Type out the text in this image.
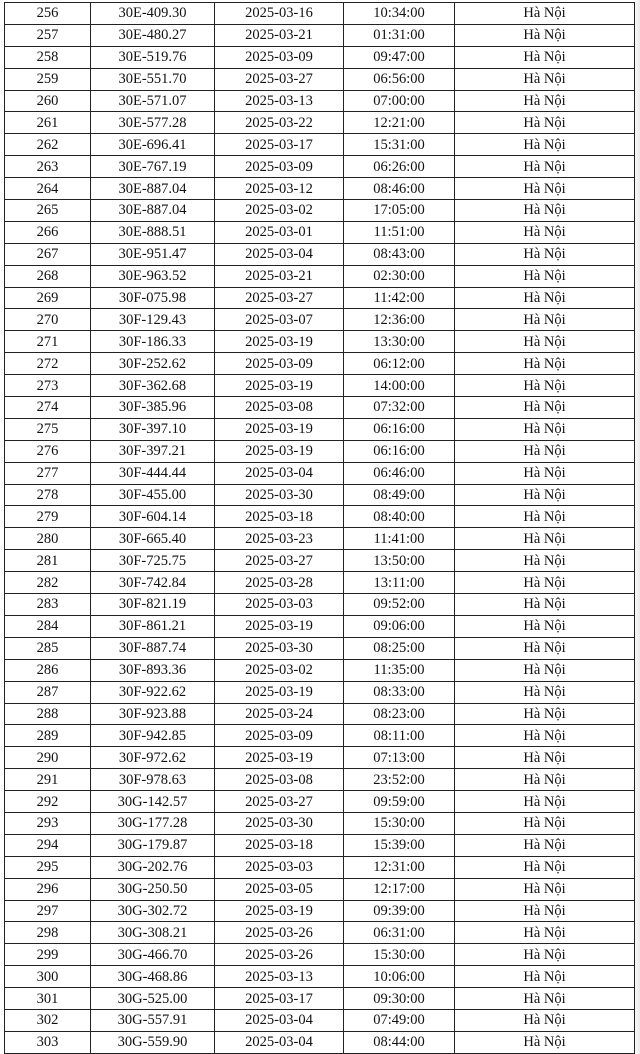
256	30E-409.30	2025-03-16	10:34:00	Hà Nội
257	30E-480.27	2025-03-21	01:31:00	Hà Nội
258	30E-519.76	2025-03-09	09:47:00	Hà Nội
259	30E-551.70	2025-03-27	06:56:00	Hà Nội
260	30E-571.07	2025-03-13	07:00:00	Hà Nội
261	30E-577.28	2025-03-22	12:21:00	Hà Nội
262	30E-696.41	2025-03-17	15:31:00	Hà Nội
263	30E-767.19	2025-03-09	06:26:00	Hà Nội
264	30E-887.04	2025-03-12	08:46:00	Hà Nội
265	30E-887.04	2025-03-02	17:05:00	Hà Nội
266	30E-888.51	2025-03-01	11:51:00	Hà Nội
267	30E-951.47	2025-03-04	08:43:00	Hà Nội
268	30E-963.52	2025-03-21	02:30:00	Hà Nội
269	30F-075.98	2025-03-27	11:42:00	Hà Nội
270	30F-129.43	2025-03-07	12:36:00	Hà Nội
271	30F-186.33	2025-03-19	13:30:00	Hà Nội
272	30F-252.62	2025-03-09	06:12:00	Hà Nội
273	30F-362.68	2025-03-19	14:00:00	Hà Nội
274	30F-385.96	2025-03-08	07:32:00	Hà Nội
275	30F-397.10	2025-03-19	06:16:00	Hà Nội
276	30F-397.21	2025-03-19	06:16:00	Hà Nội
277	30F-444.44	2025-03-04	06:46:00	Hà Nội
278	30F-455.00	2025-03-30	08:49:00	Hà Nội
279	30F-604.14	2025-03-18	08:40:00	Hà Nội
280	30F-665.40	2025-03-23	11:41:00	Hà Nội
281	30F-725.75	2025-03-27	13:50:00	Hà Nội
282	30F-742.84	2025-03-28	13:11:00	Hà Nội
283	30F-821.19	2025-03-03	09:52:00	Hà Nội
284	30F-861.21	2025-03-19	09:06:00	Hà Nội
285	30F-887.74	2025-03-30	08:25:00	Hà Nội
286	30F-893.36	2025-03-02	11:35:00	Hà Nội
287	30F-922.62	2025-03-19	08:33:00	Hà Nội
288	30F-923.88	2025-03-24	08:23:00	Hà Nội
289	30F-942.85	2025-03-09	08:11:00	Hà Nội
290	30F-972.62	2025-03-19	07:13:00	Hà Nội
291	30F-978.63	2025-03-08	23:52:00	Hà Nội
292	30G-142.57	2025-03-27	09:59:00	Hà Nội
293	30G-177.28	2025-03-30	15:30:00	Hà Nội
294	30G-179.87	2025-03-18	15:39:00	Hà Nội
295	30G-202.76	2025-03-03	12:31:00	Hà Nội
296	30G-250.50	2025-03-05	12:17:00	Hà Nội
297	30G-302.72	2025-03-19	09:39:00	Hà Nội
298	30G-308.21	2025-03-26	06:31:00	Hà Nội
299	30G-466.70	2025-03-26	15:30:00	Hà Nội
300	30G-468.86	2025-03-13	10:06:00	Hà Nội
301	30G-525.00	2025-03-17	09:30:00	Hà Nội
302	30G-557.91	2025-03-04	07:49:00	Hà Nội
303	30G-559.90	2025-03-04	08:44:00	Hà Nội
